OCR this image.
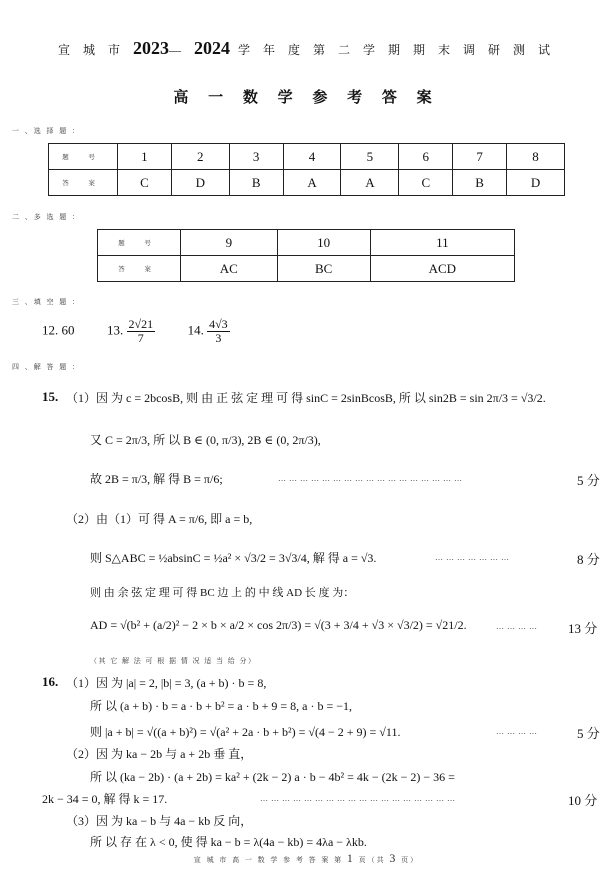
宣 城 市 2023— 2024 学 年 度 第 二 学 期 期 末 调 研 测 试
高 一 数 学 参 考 答 案
一 、选 择 题 ：
题 号	1	2	3	4	5	6	7	8
答 案	C	D	B	A	A	C	B	D
二 、多 选 题 ：
题 号	9	10	11
答 案	AC	BC	ACD
三 、填 空 题 ：
12. 60	13. $\frac{2√21}{7}$	14. $\frac{4√3}{3}$
四 、解 答 题 ：
15. （1）因 为 c = 2bcosB, 则 由 正 弦 定 理 可 得 sinC = 2sinBcosB, 所 以 sin2B = sin 2π/3 = √3/2.
又 C = 2π/3, 所 以 B ∈ (0, π/3), 2B ∈ (0, 2π/3),
故 2B = π/3, 解 得 B = π/6;	……………………………………………	5 分
（2）由（1）可 得 A = π/6, 即 a = b,
则 S△ABC = ½absinC = ½a² × √3/2 = 3√3/4, 解 得 a = √3.	…………………	8 分
则 由 余 弦 定 理 可 得 BC 边 上 的 中 线 AD 长 度 为：
AD = √(b² + (a/2)² − 2 × b × a/2 × cos 2π/3) = √(3 + 3/4 + √3 × √3/2) = √21/2.	………… 13 分
（其 它 解 法 可 根 据 情 况 适 当 给 分）
16. （1）因 为 |a| = 2, |b| = 3, (a + b) · b = 8,
所 以 (a + b) · b = a · b + b² = a · b + 9 = 8, a · b = −1,
则 |a + b| = √((a + b)²) = √(a² + 2a · b + b²) = √(4 − 2 + 9) = √11.	…………	5 分
（2）因 为 ka − 2b 与 a + 2b 垂 直，
所 以 (ka − 2b) · (a + 2b) = ka² + (2k − 2) a · b − 4b² = 4k − (2k − 2) − 36 =
2k − 34 = 0, 解 得 k = 17.	………………………………………………	10 分
（3）因 为 ka − b 与 4a − kb 反 向，
所 以 存 在 λ < 0, 使 得 ka − b = λ(4a − kb) = 4λa − λkb.
宣 城 市 高 一 数 学 参 考 答 案 第 1 页（共 3 页）
